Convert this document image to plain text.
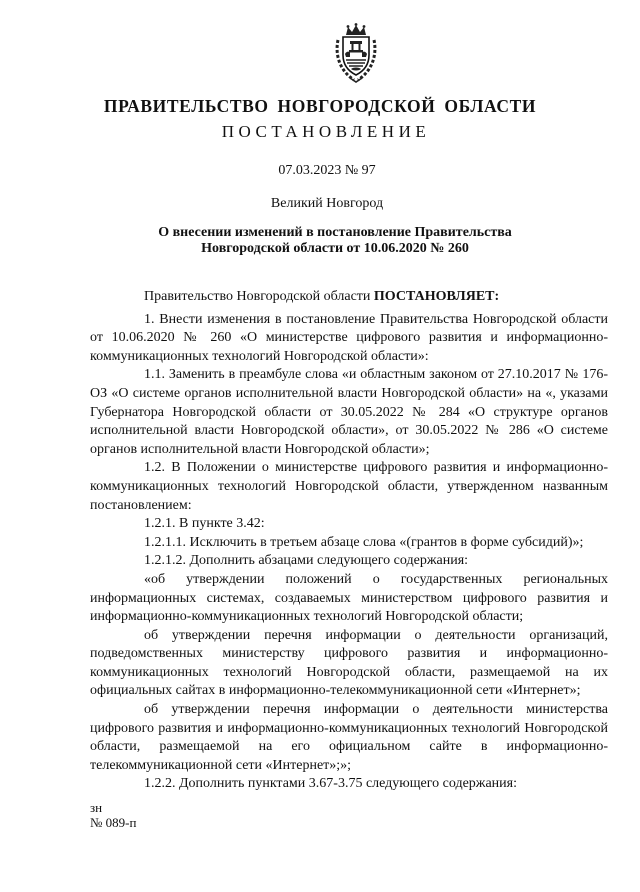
ПРАВИТЕЛЬСТВО НОВГОРОДСКОЙ ОБЛАСТИ
ПОСТАНОВЛЕНИЕ
07.03.2023 № 97
Великий Новгород
О внесении изменений в постановление Правительства
Новгородской области от 10.06.2020 № 260

Правительство Новгородской области ПОСТАНОВЛЯЕТ:

1. Внести изменения в постановление Правительства Новгородской области от 10.06.2020 № 260 «О министерстве цифрового развития и информационно-коммуникационных технологий Новгородской области»:

1.1. Заменить в преамбуле слова «и областным законом от 27.10.2017 № 176-ОЗ «О системе органов исполнительной власти Новгородской области» на «, указами Губернатора Новгородской области от 30.05.2022 № 284 «О структуре органов исполнительной власти Новгородской области», от 30.05.2022 № 286 «О системе органов исполнительной власти Новгородской области»;

1.2. В Положении о министерстве цифрового развития и информационно-коммуникационных технологий Новгородской области, утвержденном названным постановлением:

1.2.1. В пункте 3.42:

1.2.1.1. Исключить в третьем абзаце слова «(грантов в форме субсидий)»;

1.2.1.2. Дополнить абзацами следующего содержания:

«об утверждении положений о государственных региональных информационных системах, создаваемых министерством цифрового развития и информационно-коммуникационных технологий Новгородской области;

об утверждении перечня информации о деятельности организаций, подведомственных министерству цифрового развития и информационно-коммуникационных технологий Новгородской области, размещаемой на их официальных сайтах в информационно-телекоммуникационной сети «Интернет»;

об утверждении перечня информации о деятельности министерства цифрового развития и информационно-коммуникационных технологий Новгородской области, размещаемой на его официальном сайте в информационно-телекоммуникационной сети «Интернет»;»;

1.2.2. Дополнить пунктами 3.67-3.75 следующего содержания:

зн
№ 089-п
